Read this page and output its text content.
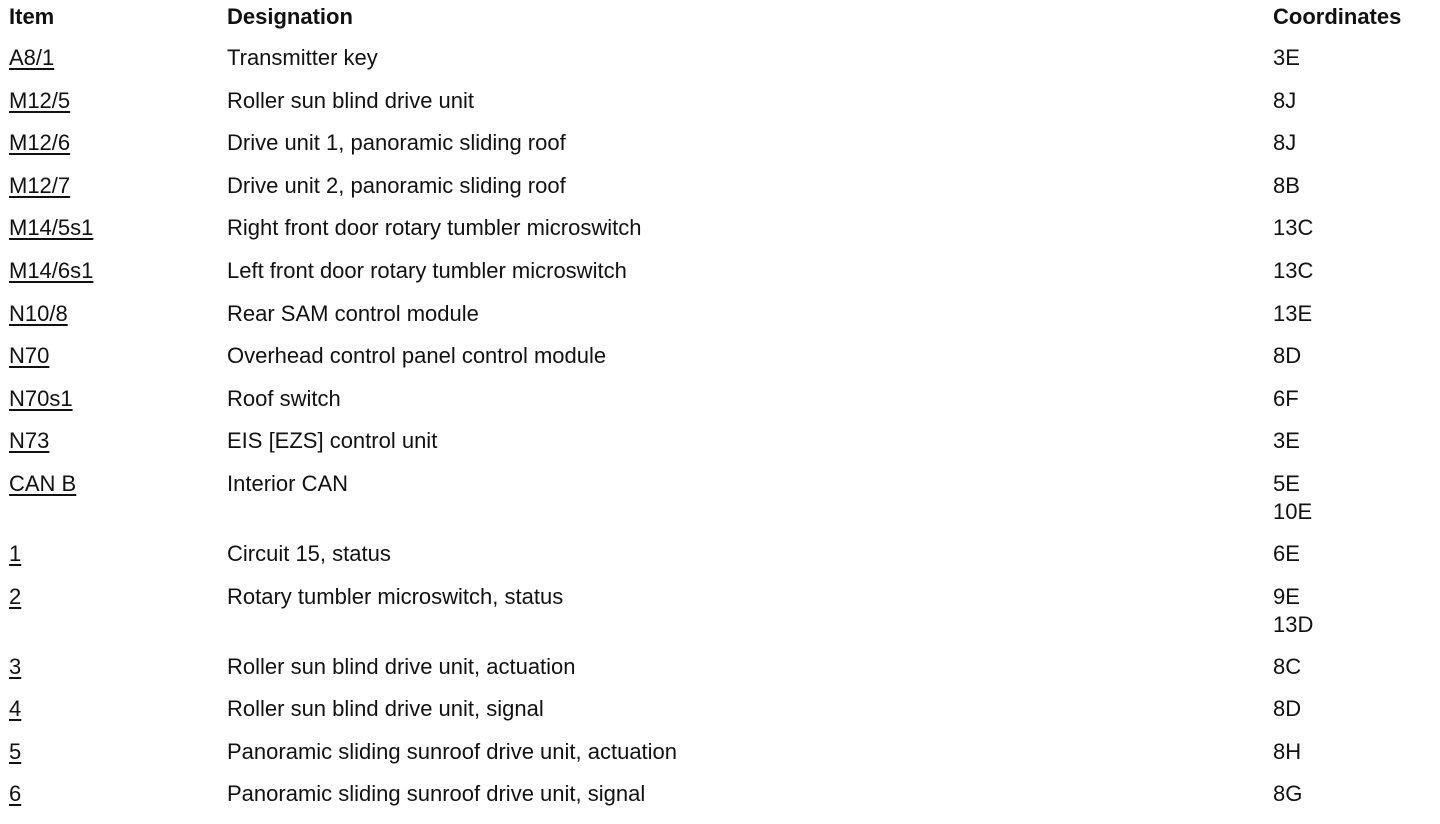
Item	Designation	Coordinates
A8/1	Transmitter key	3E
M12/5	Roller sun blind drive unit	8J
M12/6	Drive unit 1, panoramic sliding roof	8J
M12/7	Drive unit 2, panoramic sliding roof	8B
M14/5s1	Right front door rotary tumbler microswitch	13C
M14/6s1	Left front door rotary tumbler microswitch	13C
N10/8	Rear SAM control module	13E
N70	Overhead control panel control module	8D
N70s1	Roof switch	6F
N73	EIS [EZS] control unit	3E
CAN B	Interior CAN	5E
10E
1	Circuit 15, status	6E
2	Rotary tumbler microswitch, status	9E
13D
3	Roller sun blind drive unit, actuation	8C
4	Roller sun blind drive unit, signal	8D
5	Panoramic sliding sunroof drive unit, actuation	8H
6	Panoramic sliding sunroof drive unit, signal	8G
